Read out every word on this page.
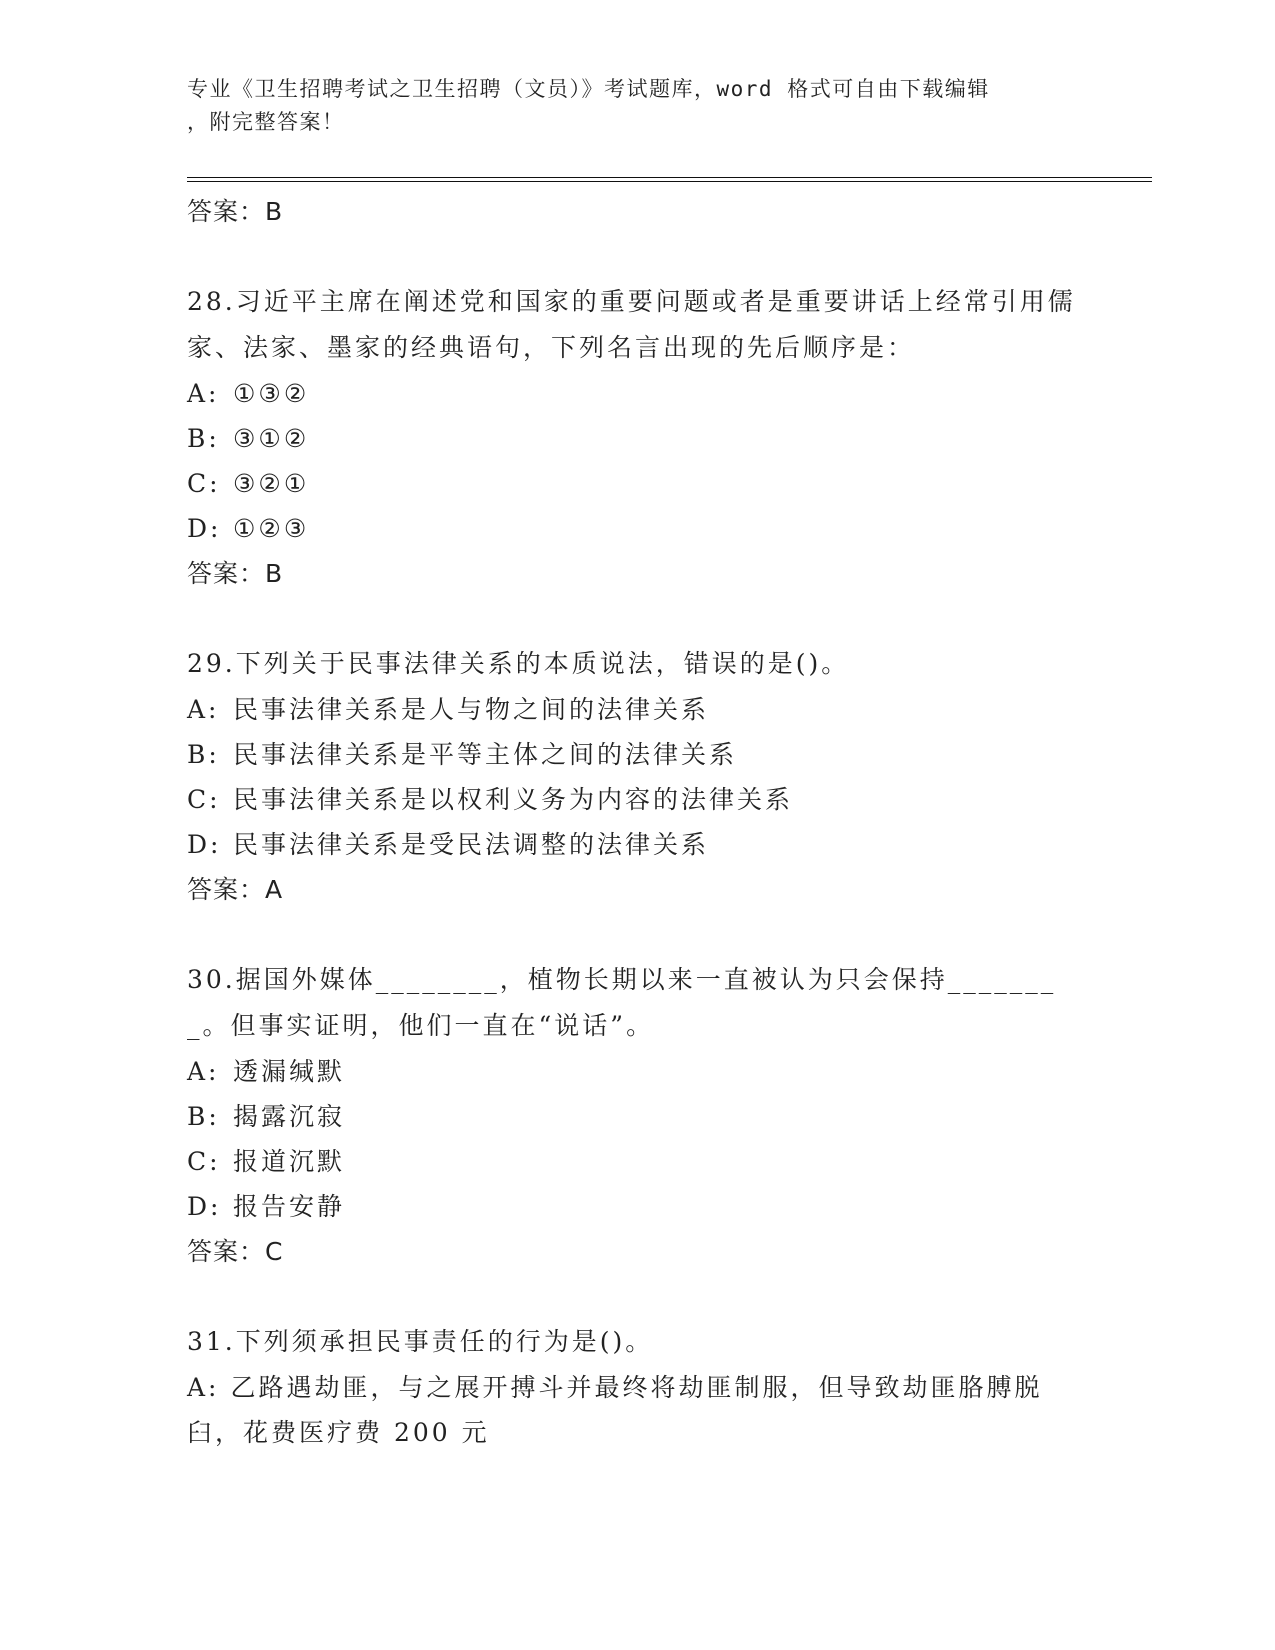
专业《卫生招聘考试之卫生招聘（文员）》考试题库，word 格式可自由下载编辑
，附完整答案！
答案：B
28.习近平主席在阐述党和国家的重要问题或者是重要讲话上经常引用儒家、法家、墨家的经典语句，下列名言出现的先后顺序是：
A: ①③②
B: ③①②
C: ③②①
D: ①②③
答案：B
29.下列关于民事法律关系的本质说法，错误的是()。
A: 民事法律关系是人与物之间的法律关系
B: 民事法律关系是平等主体之间的法律关系
C: 民事法律关系是以权利义务为内容的法律关系
D: 民事法律关系是受民法调整的法律关系
答案：A
30.据国外媒体________，植物长期以来一直被认为只会保持________。但事实证明，他们一直在“说话”。
A: 透漏缄默
B: 揭露沉寂
C: 报道沉默
D: 报告安静
答案：C
31.下列须承担民事责任的行为是()。
A: 乙路遇劫匪，与之展开搏斗并最终将劫匪制服，但导致劫匪胳膊脱臼，花费医疗费 200 元
